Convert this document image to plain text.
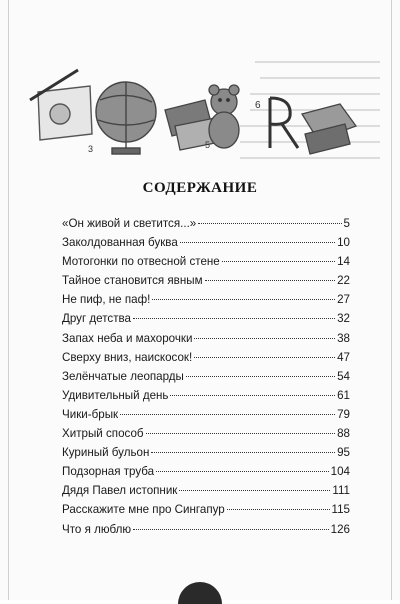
3	5
6
СОДЕРЖАНИЕ
«Он живой и светится...»	5
Заколдованная буква	10
Мотогонки по отвесной стене	14
Тайное становится явным	22
Не пиф, не паф!	27
Друг детства	32
Запах неба и махорочки	38
Сверху вниз, наискосок!	47
Зелёнчатые леопарды	54
Удивительный день	61
Чики-брык	79
Хитрый способ	88
Куриный бульон	95
Подзорная труба	104
Дядя Павел истопник	111
Расскажите мне про Сингапур	115
Что я люблю	126
